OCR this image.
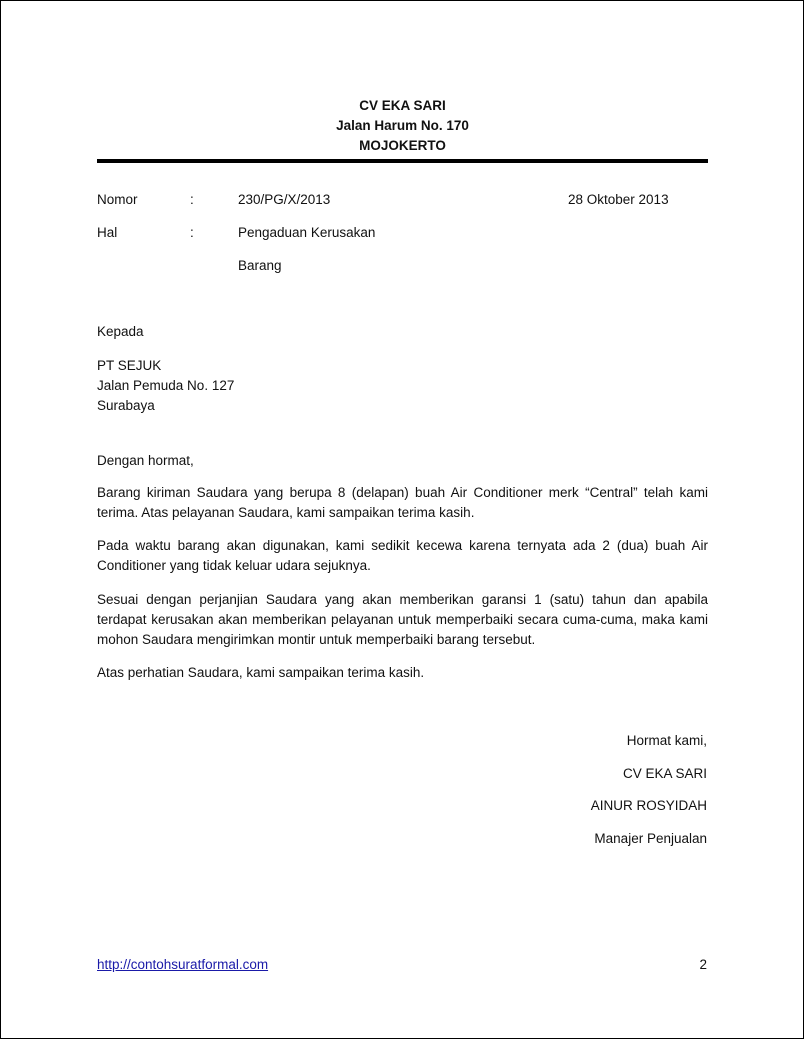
CV EKA SARI
Jalan Harum No. 170
MOJOKERTO
Nomor	:	230/PG/X/2013	28 Oktober 2013
Hal	:	Pengaduan Kerusakan
Barang
Kepada
PT SEJUK
Jalan Pemuda No. 127
Surabaya
Dengan hormat,
Barang kiriman Saudara yang berupa 8 (delapan) buah Air Conditioner merk “Central” telah kami terima. Atas pelayanan Saudara, kami sampaikan terima kasih.
Pada waktu barang akan digunakan, kami sedikit kecewa karena ternyata ada 2 (dua) buah Air Conditioner yang tidak keluar udara sejuknya.
Sesuai dengan perjanjian Saudara yang akan memberikan garansi 1 (satu) tahun dan apabila terdapat kerusakan akan memberikan pelayanan untuk memperbaiki secara cuma-cuma, maka kami mohon Saudara mengirimkan montir untuk memperbaiki barang tersebut.
Atas perhatian Saudara, kami sampaikan terima kasih.
Hormat kami,
CV EKA SARI
AINUR ROSYIDAH
Manajer Penjualan
http://contohsuratformal.com	2
